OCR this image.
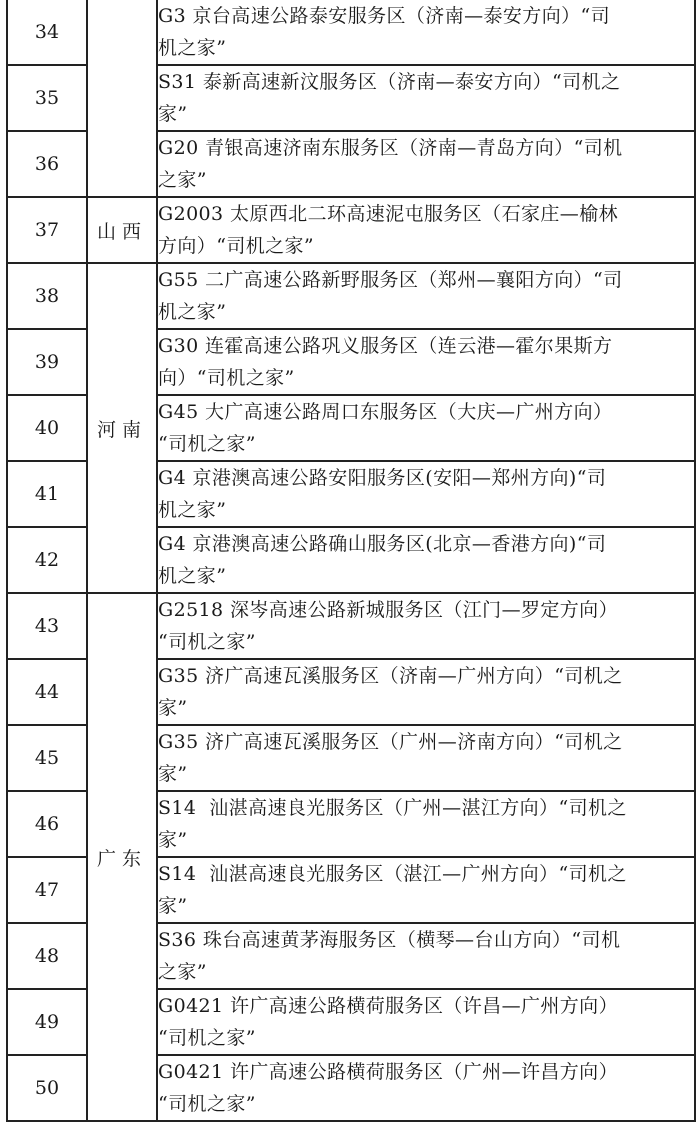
34		G3 京台高速公路泰安服务区（济南—泰安方向）“司
机之家”

35		S31 泰新高速新汶服务区（济南—泰安方向）“司机之
家”

36		G20 青银高速济南东服务区（济南—青岛方向）“司机
之家”

37	山西	G2003 太原西北二环高速泥屯服务区（石家庄—榆林
方向）“司机之家”

38	河南	G55 二广高速公路新野服务区（郑州—襄阳方向）“司
机之家”

39		G30 连霍高速公路巩义服务区（连云港—霍尔果斯方
向）“司机之家”

40		G45 大广高速公路周口东服务区（大庆—广州方向）
“司机之家”

41		G4 京港澳高速公路安阳服务区(安阳—郑州方向)“司
机之家”

42		G4 京港澳高速公路确山服务区(北京—香港方向)“司
机之家”

43	广东	G2518 深岑高速公路新城服务区（江门—罗定方向）
“司机之家”

44		G35 济广高速瓦溪服务区（济南—广州方向）“司机之
家”

45		G35 济广高速瓦溪服务区（广州—济南方向）“司机之
家”

46		S14  汕湛高速良光服务区（广州—湛江方向）“司机之
家”

47		S14  汕湛高速良光服务区（湛江—广州方向）“司机之
家”

48		S36 珠台高速黄茅海服务区（横琴—台山方向）“司机
之家”

49		G0421 许广高速公路横荷服务区（许昌—广州方向）
“司机之家”

50		G0421 许广高速公路横荷服务区（广州—许昌方向）
“司机之家”
